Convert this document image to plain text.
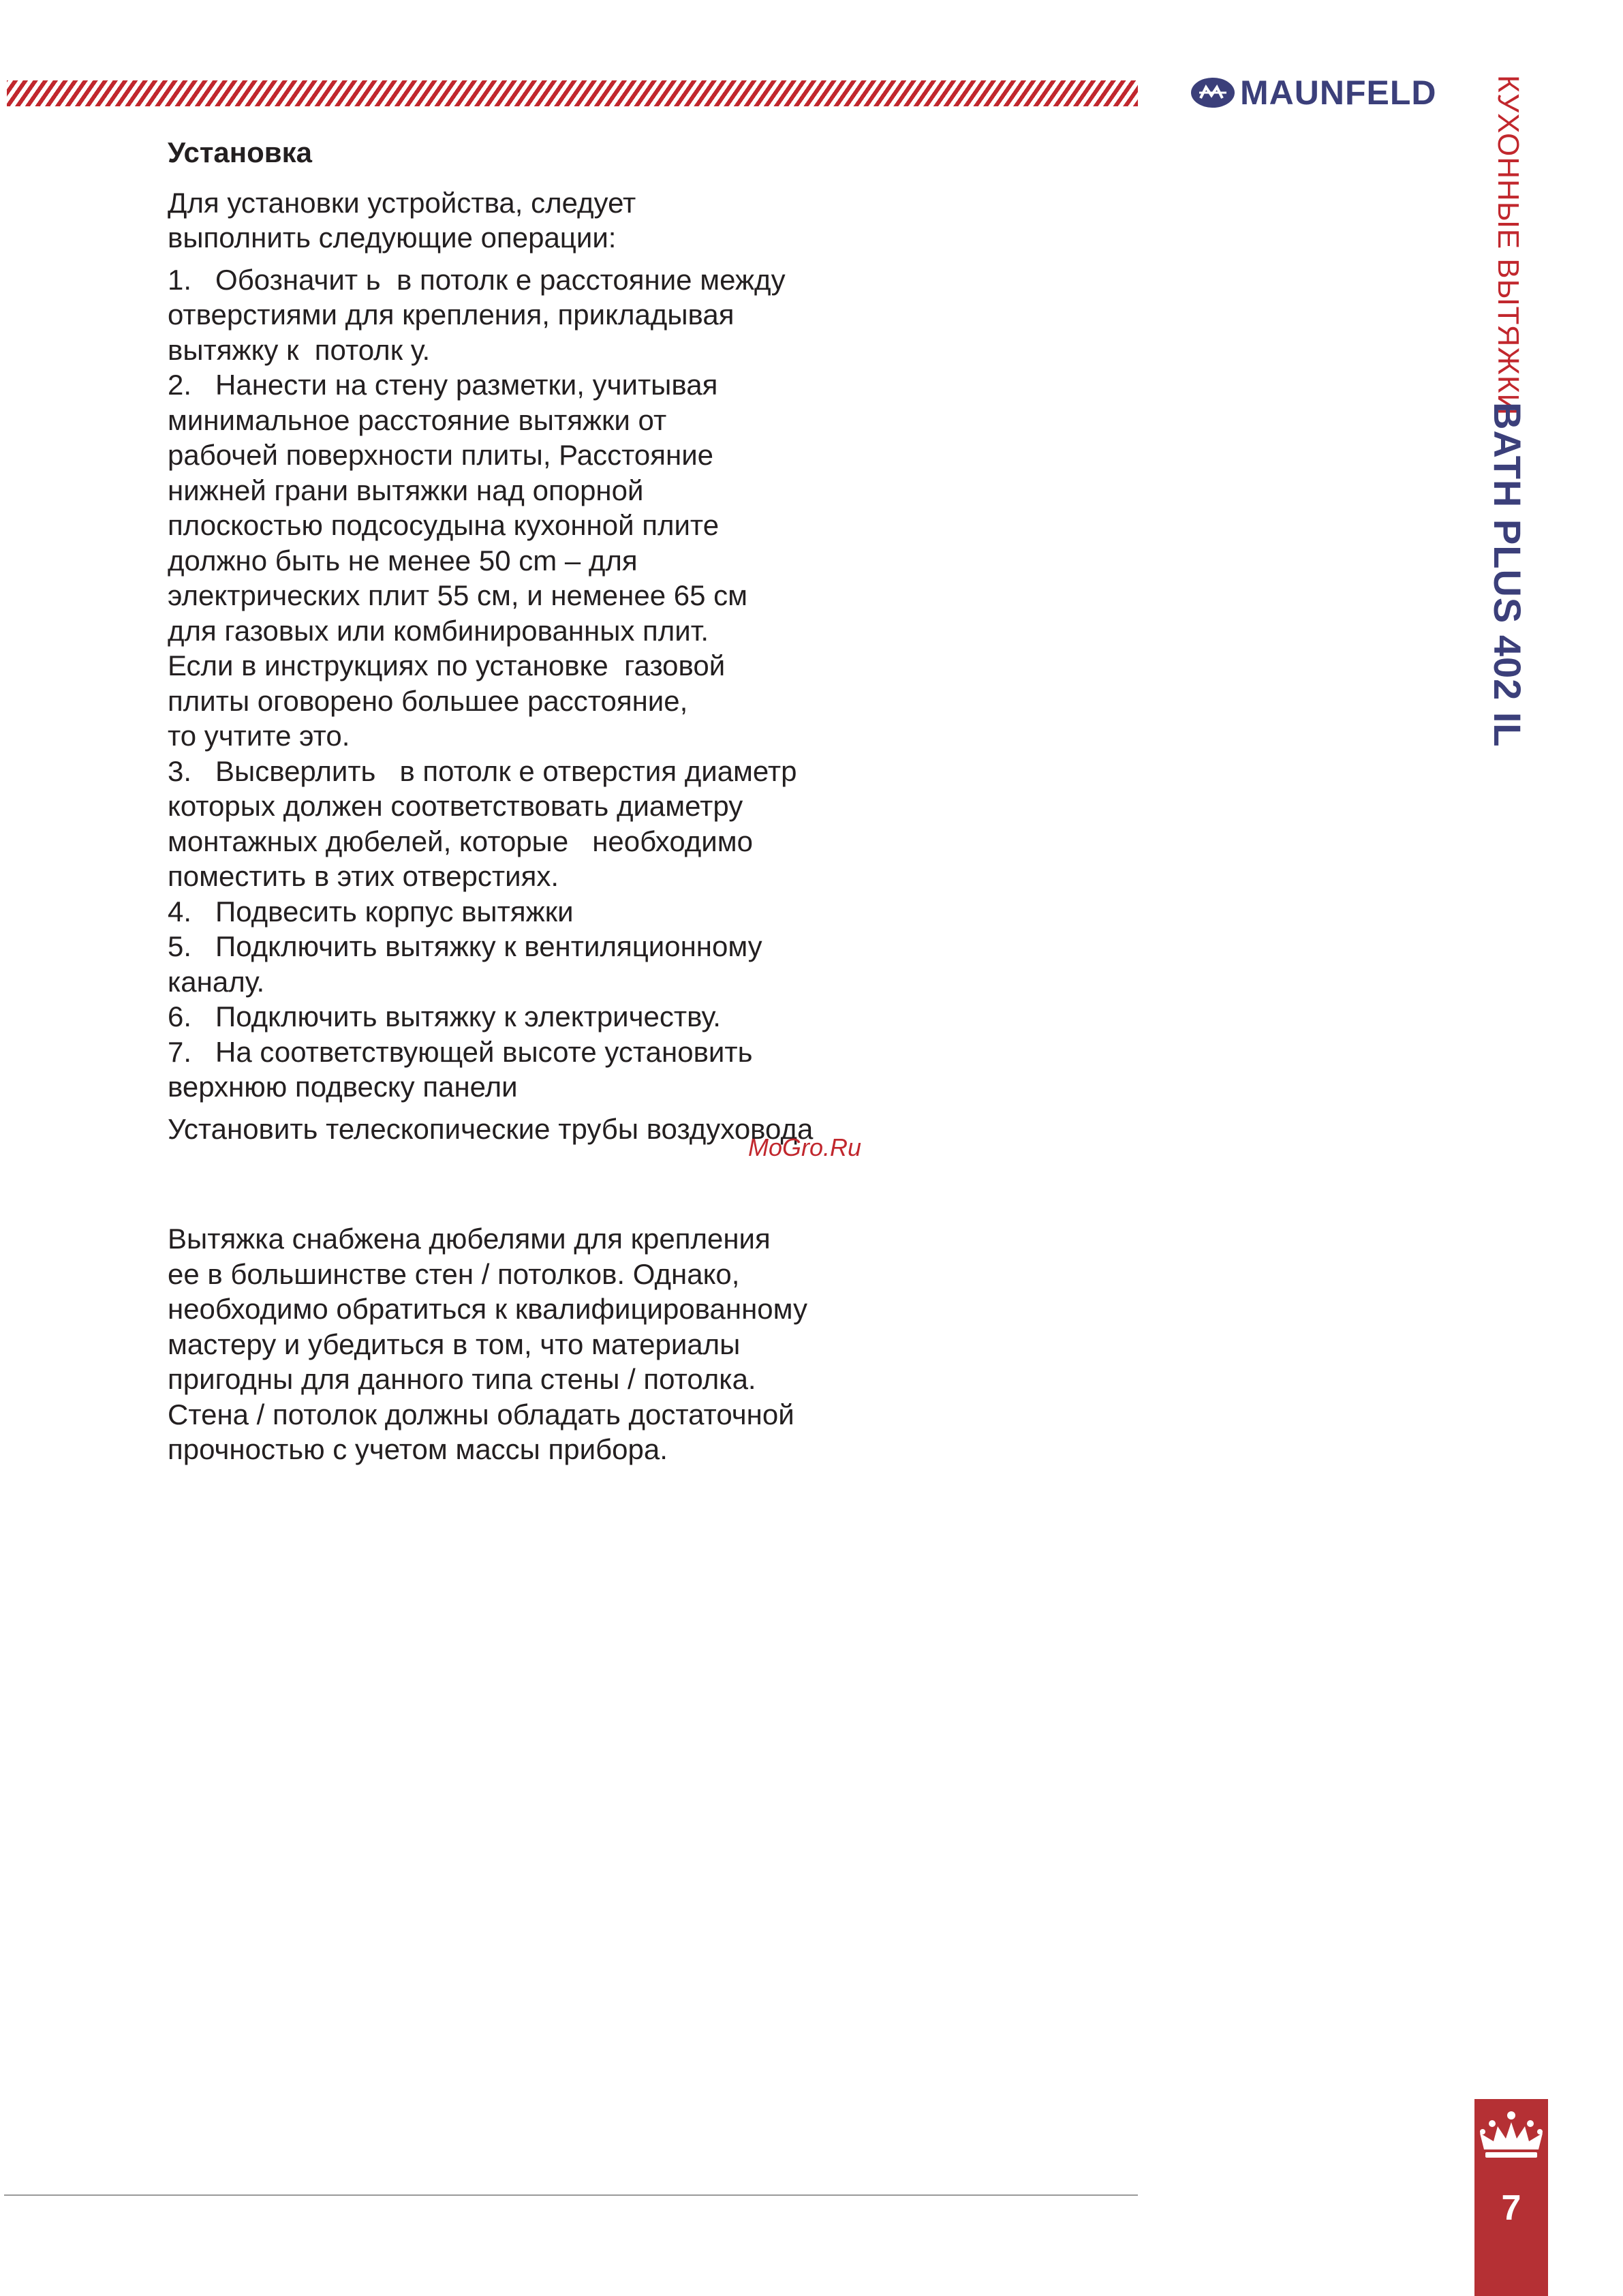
MAUNFELD КУХОННЫЕ ВЫТЯЖКИ
BATH PLUS 402 IL
Установка
Для установки устройства, следует
выполнить следующие операции:
1.   Обозначит ь  в потолк е расстояние между
отверстиями для крепления, прикладывая
вытяжку к  потолк у.
2.   Нанести на стену разметки, учитывая
минимальное расстояние вытяжки от
рабочей поверхности плиты, Расстояние
нижней грани вытяжки над опорной
плоскостью подсосудына кухонной плите
должно быть не менее 50 cm – для
электрических плит 55 см, и неменее 65 см
для газовых или комбинированных плит.
Если в инструкциях по установке  газовой
плиты оговорено большее расстояние,
то учтите это.
3.   Высверлить   в потолк е отверстия диаметр
которых должен соответствовать диаметру
монтажных дюбелей, которые   необходимо
поместить в этих отверстиях.
4.   Подвесить корпус вытяжки
5.   Подключить вытяжку к вентиляционному
каналу.
6.   Подключить вытяжку к электричеству.
7.   На соответствующей высоте установить
верхнюю подвеску панели
Установить телескопические трубы воздуховода
Вытяжка снабжена дюбелями для крепления
ее в большинстве стен / потолков. Однако,
необходимо обратиться к квалифицированному
мастеру и убедиться в том, что материалы
пригодны для данного типа стены / потолка.
Стена / потолок должны обладать достаточной
прочностью с учетом массы прибора.
MoGro.Ru
7
